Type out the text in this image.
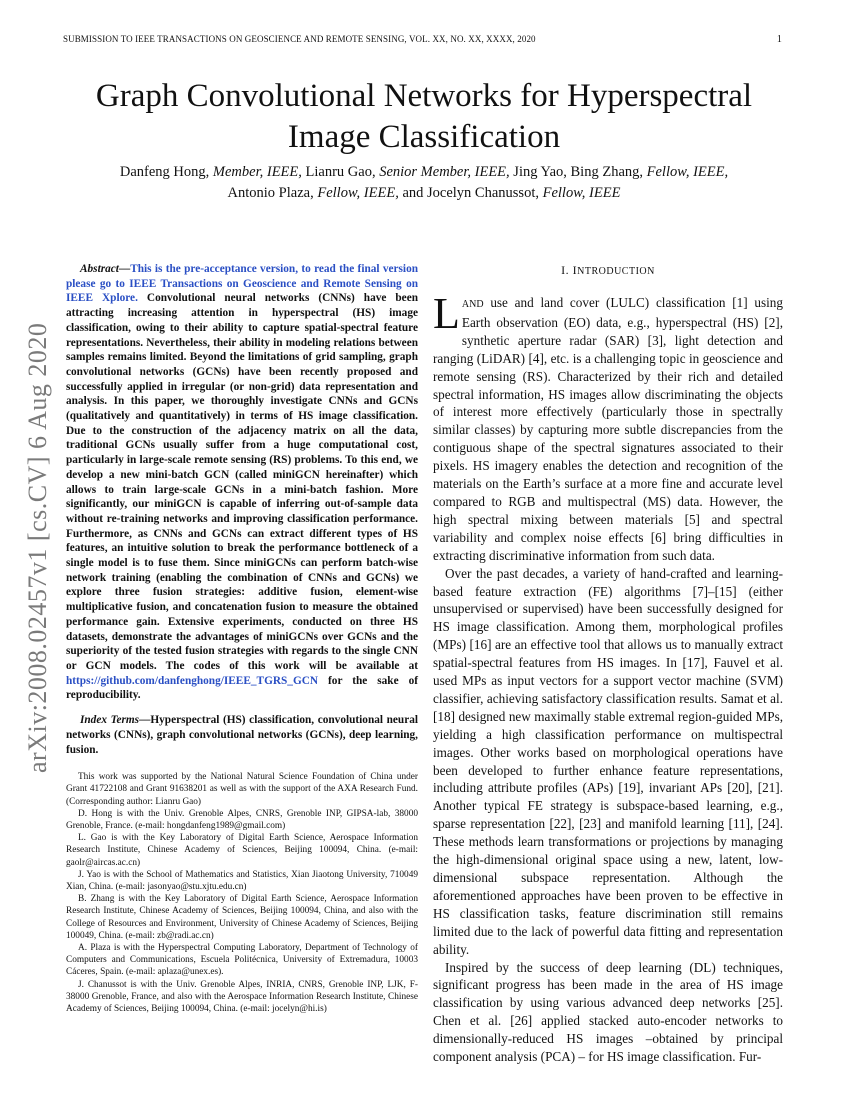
SUBMISSION TO IEEE TRANSACTIONS ON GEOSCIENCE AND REMOTE SENSING, VOL. XX, NO. XX, XXXX, 2020	1
arXiv:2008.02457v1 [cs.CV] 6 Aug 2020
Graph Convolutional Networks for Hyperspectral
Image Classification
Danfeng Hong, Member, IEEE, Lianru Gao, Senior Member, IEEE, Jing Yao, Bing Zhang, Fellow, IEEE,
Antonio Plaza, Fellow, IEEE, and Jocelyn Chanussot, Fellow, IEEE

Abstract—This is the pre-acceptance version, to read the final version please go to IEEE Transactions on Geoscience and Remote Sensing on IEEE Xplore. Convolutional neural networks (CNNs) have been attracting increasing attention in hyperspectral (HS) image classification, owing to their ability to capture spatial-spectral feature representations. Nevertheless, their ability in modeling relations between samples remains limited. Beyond the limitations of grid sampling, graph convolutional networks (GCNs) have been recently proposed and successfully applied in irregular (or non-grid) data representation and analysis. In this paper, we thoroughly investigate CNNs and GCNs (qualitatively and quantitatively) in terms of HS image classification. Due to the construction of the adjacency matrix on all the data, traditional GCNs usually suffer from a huge computational cost, particularly in large-scale remote sensing (RS) problems. To this end, we develop a new mini-batch GCN (called miniGCN hereinafter) which allows to train large-scale GCNs in a mini-batch fashion. More significantly, our miniGCN is capable of inferring out-of-sample data without re-training networks and improving classification performance. Furthermore, as CNNs and GCNs can extract different types of HS features, an intuitive solution to break the performance bottleneck of a single model is to fuse them. Since miniGCNs can perform batch-wise network training (enabling the combination of CNNs and GCNs) we explore three fusion strategies: additive fusion, element-wise multiplicative fusion, and concatenation fusion to measure the obtained performance gain. Extensive experiments, conducted on three HS datasets, demonstrate the advantages of miniGCNs over GCNs and the superiority of the tested fusion strategies with regards to the single CNN or GCN models. The codes of this work will be available at https://github.com/danfenghong/IEEE_TGRS_GCN for the sake of reproducibility.

Index Terms—Hyperspectral (HS) classification, convolutional neural networks (CNNs), graph convolutional networks (GCNs), deep learning, fusion.

This work was supported by the National Natural Science Foundation of China under Grant 41722108 and Grant 91638201 as well as with the support of the AXA Research Fund. (Corresponding author: Lianru Gao)

D. Hong is with the Univ. Grenoble Alpes, CNRS, Grenoble INP, GIPSA-lab, 38000 Grenoble, France. (e-mail: hongdanfeng1989@gmail.com)

L. Gao is with the Key Laboratory of Digital Earth Science, Aerospace Information Research Institute, Chinese Academy of Sciences, Beijing 100094, China. (e-mail: gaolr@aircas.ac.cn)

J. Yao is with the School of Mathematics and Statistics, Xian Jiaotong University, 710049 Xian, China. (e-mail: jasonyao@stu.xjtu.edu.cn)

B. Zhang is with the Key Laboratory of Digital Earth Science, Aerospace Information Research Institute, Chinese Academy of Sciences, Beijing 100094, China, and also with the College of Resources and Environment, University of Chinese Academy of Sciences, Beijing 100049, China. (e-mail: zb@radi.ac.cn)

A. Plaza is with the Hyperspectral Computing Laboratory, Department of Technology of Computers and Communications, Escuela Politécnica, University of Extremadura, 10003 Cáceres, Spain. (e-mail: aplaza@unex.es).

J. Chanussot is with the Univ. Grenoble Alpes, INRIA, CNRS, Grenoble INP, LJK, F-38000 Grenoble, France, and also with the Aerospace Information Research Institute, Chinese Academy of Sciences, Beijing 100094, China. (e-mail: jocelyn@hi.is)

I. INTRODUCTION

LAND use and land cover (LULC) classification [1] using Earth observation (EO) data, e.g., hyperspectral (HS) [2], synthetic aperture radar (SAR) [3], light detection and ranging (LiDAR) [4], etc. is a challenging topic in geoscience and remote sensing (RS). Characterized by their rich and detailed spectral information, HS images allow discriminating the objects of interest more effectively (particularly those in spectrally similar classes) by capturing more subtle discrepancies from the contiguous shape of the spectral signatures associated to their pixels. HS imagery enables the detection and recognition of the materials on the Earth’s surface at a more fine and accurate level compared to RGB and multispectral (MS) data. However, the high spectral mixing between materials [5] and spectral variability and complex noise effects [6] bring difficulties in extracting discriminative information from such data.

Over the past decades, a variety of hand-crafted and learning-based feature extraction (FE) algorithms [7]–[15] (either unsupervised or supervised) have been successfully designed for HS image classification. Among them, morphological profiles (MPs) [16] are an effective tool that allows us to manually extract spatial-spectral features from HS images. In [17], Fauvel et al. used MPs as input vectors for a support vector machine (SVM) classifier, achieving satisfactory classification results. Samat et al. [18] designed new maximally stable extremal region-guided MPs, yielding a high classification performance on multispectral images. Other works based on morphological operations have been developed to further enhance feature representations, including attribute profiles (APs) [19], invariant APs [20], [21]. Another typical FE strategy is subspace-based learning, e.g., sparse representation [22], [23] and manifold learning [11], [24]. These methods learn transformations or projections by managing the high-dimensional original space using a new, latent, low-dimensional subspace representation. Although the aforementioned approaches have been proven to be effective in HS classification tasks, feature discrimination still remains limited due to the lack of powerful data fitting and representation ability.

Inspired by the success of deep learning (DL) techniques, significant progress has been made in the area of HS image classification by using various advanced deep networks [25]. Chen et al. [26] applied stacked auto-encoder networks to dimensionally-reduced HS images –obtained by principal component analysis (PCA) – for HS image classification. Fur-
